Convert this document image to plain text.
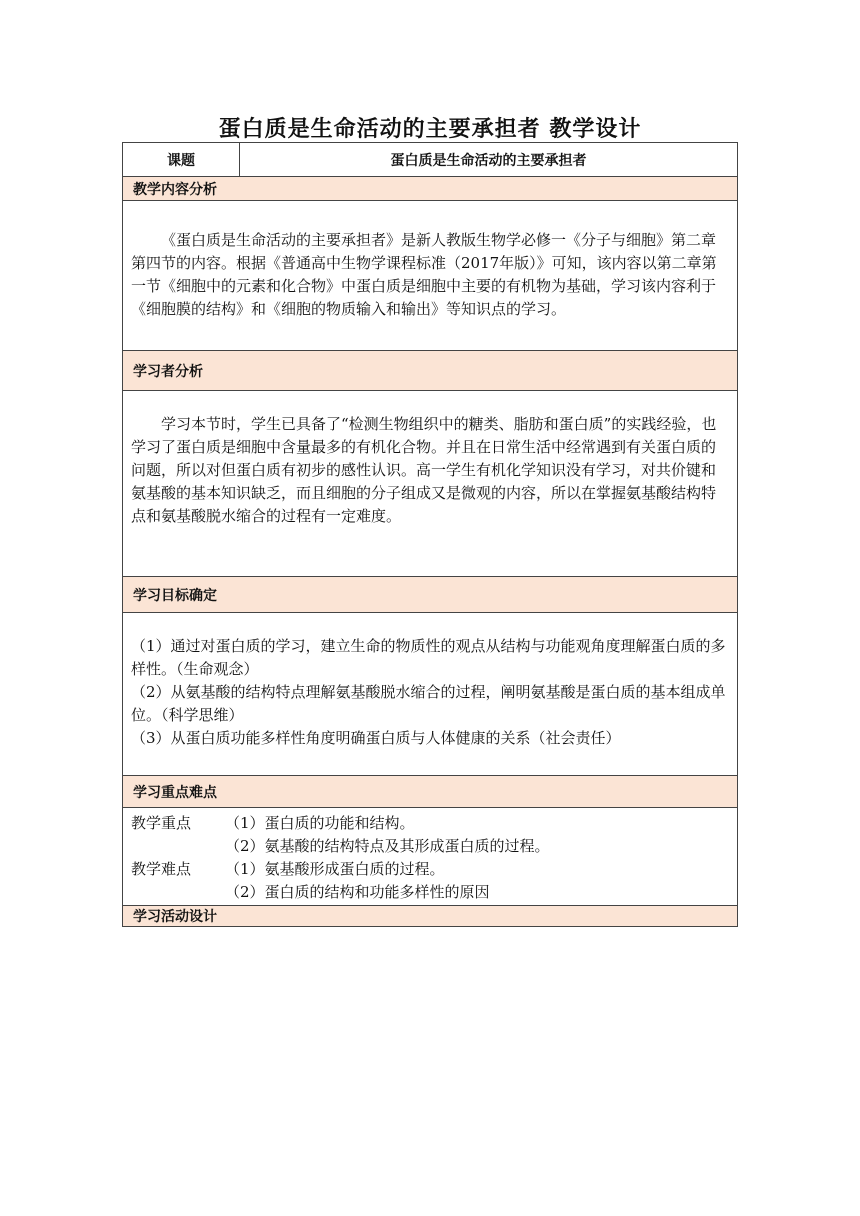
蛋白质是生命活动的主要承担者 教学设计
课题	蛋白质是生命活动的主要承担者
教学内容分析
《蛋白质是生命活动的主要承担者》是新人教版生物学必修一《分子与细胞》第二章第四节的内容。根据《普通高中生物学课程标准（2017年版）》可知，该内容以第二章第一节《细胞中的元素和化合物》中蛋白质是细胞中主要的有机物为基础，学习该内容利于《细胞膜的结构》和《细胞的物质输入和输出》等知识点的学习。
学习者分析
学习本节时，学生已具备了“检测生物组织中的糖类、脂肪和蛋白质”的实践经验，也学习了蛋白质是细胞中含量最多的有机化合物。并且在日常生活中经常遇到有关蛋白质的问题，所以对但蛋白质有初步的感性认识。高一学生有机化学知识没有学习，对共价键和氨基酸的基本知识缺乏，而且细胞的分子组成又是微观的内容，所以在掌握氨基酸结构特点和氨基酸脱水缩合的过程有一定难度。
学习目标确定
（1）通过对蛋白质的学习，建立生命的物质性的观点从结构与功能观角度理解蛋白质的多样性。（生命观念）
（2）从氨基酸的结构特点理解氨基酸脱水缩合的过程，阐明氨基酸是蛋白质的基本组成单位。（科学思维）
（3）从蛋白质功能多样性角度明确蛋白质与人体健康的关系（社会责任）
学习重点难点
教学重点	（1）蛋白质的功能和结构。
（2）氨基酸的结构特点及其形成蛋白质的过程。
教学难点	（1）氨基酸形成蛋白质的过程。
（2）蛋白质的结构和功能多样性的原因
学习活动设计
